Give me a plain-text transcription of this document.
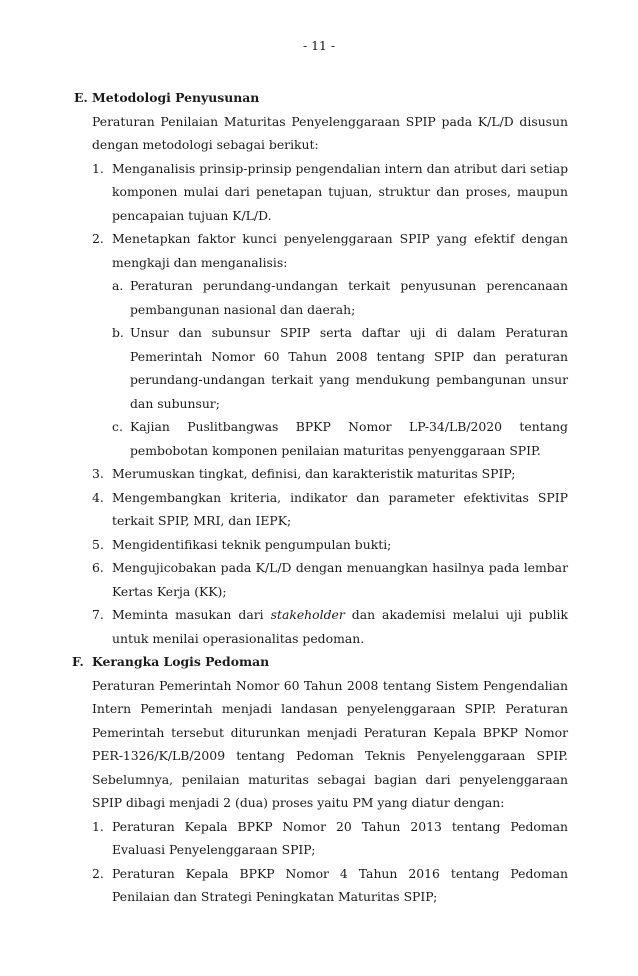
- 11 -
E. Metodologi Penyusunan
Peraturan Penilaian Maturitas Penyelenggaraan SPIP pada K/L/D disusun dengan metodologi sebagai berikut:
1. Menganalisis prinsip-prinsip pengendalian intern dan atribut dari setiap komponen mulai dari penetapan tujuan, struktur dan proses, maupun pencapaian tujuan K/L/D.
2. Menetapkan faktor kunci penyelenggaraan SPIP yang efektif dengan mengkaji dan menganalisis:
a. Peraturan perundang-undangan terkait penyusunan perencanaan pembangunan nasional dan daerah;
b. Unsur dan subunsur SPIP serta daftar uji di dalam Peraturan Pemerintah Nomor 60 Tahun 2008 tentang SPIP dan peraturan perundang-undangan terkait yang mendukung pembangunan unsur dan subunsur;
c. Kajian Puslitbangwas BPKP Nomor LP-34/LB/2020 tentang pembobotan komponen penilaian maturitas penyenggaraan SPIP.
3. Merumuskan tingkat, definisi, dan karakteristik maturitas SPIP;
4. Mengembangkan kriteria, indikator dan parameter efektivitas SPIP terkait SPIP, MRI, dan IEPK;
5. Mengidentifikasi teknik pengumpulan bukti;
6. Mengujicobakan pada K/L/D dengan menuangkan hasilnya pada lembar Kertas Kerja (KK);
7. Meminta masukan dari stakeholder dan akademisi melalui uji publik untuk menilai operasionalitas pedoman.
F. Kerangka Logis Pedoman
Peraturan Pemerintah Nomor 60 Tahun 2008 tentang Sistem Pengendalian Intern Pemerintah menjadi landasan penyelenggaraan SPIP. Peraturan Pemerintah tersebut diturunkan menjadi Peraturan Kepala BPKP Nomor PER-1326/K/LB/2009 tentang Pedoman Teknis Penyelenggaraan SPIP. Sebelumnya, penilaian maturitas sebagai bagian dari penyelenggaraan SPIP dibagi menjadi 2 (dua) proses yaitu PM yang diatur dengan:
1. Peraturan Kepala BPKP Nomor 20 Tahun 2013 tentang Pedoman Evaluasi Penyelenggaraan SPIP;
2. Peraturan Kepala BPKP Nomor 4 Tahun 2016 tentang Pedoman Penilaian dan Strategi Peningkatan Maturitas SPIP;
